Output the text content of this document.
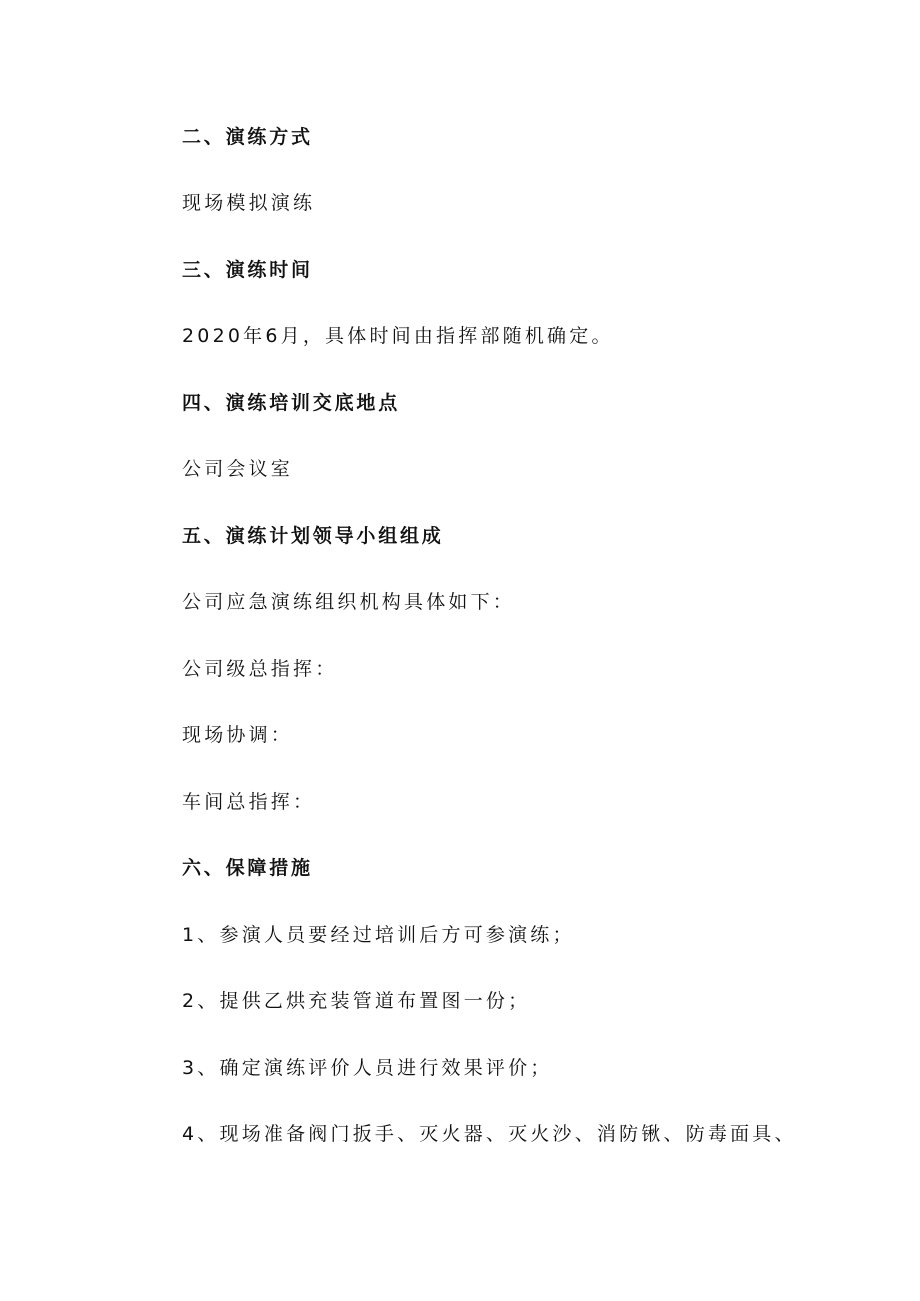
二、演练方式
现场模拟演练
三、演练时间
2020年6月，具体时间由指挥部随机确定。
四、演练培训交底地点
公司会议室
五、演练计划领导小组组成
公司应急演练组织机构具体如下：
公司级总指挥：
现场协调：
车间总指挥：
六、保障措施
1、参演人员要经过培训后方可参演练；
2、提供乙烘充装管道布置图一份；
3、确定演练评价人员进行效果评价；
4、现场准备阀门扳手、灭火器、灭火沙、消防锹、防毒面具、
